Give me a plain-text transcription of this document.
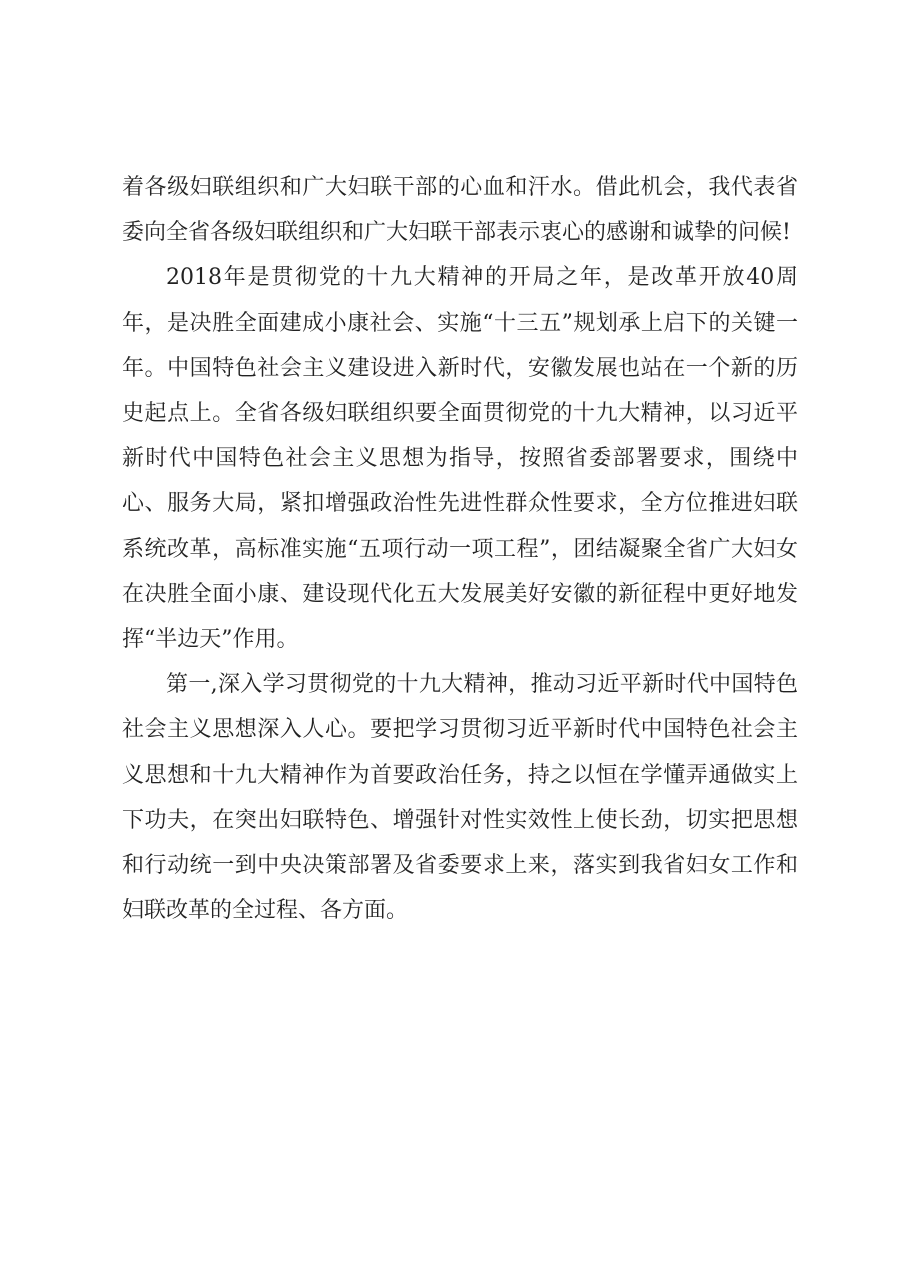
着各级妇联组织和广大妇联干部的心血和汗水。借此机会，我代表省委向全省各级妇联组织和广大妇联干部表示衷心的感谢和诚挚的问候!

2018年是贯彻党的十九大精神的开局之年，是改革开放40周年，是决胜全面建成小康社会、实施“十三五”规划承上启下的关键一年。中国特色社会主义建设进入新时代，安徽发展也站在一个新的历史起点上。全省各级妇联组织要全面贯彻党的十九大精神，以习近平新时代中国特色社会主义思想为指导，按照省委部署要求，围绕中心、服务大局，紧扣增强政治性先进性群众性要求，全方位推进妇联系统改革，高标准实施“五项行动一项工程”，团结凝聚全省广大妇女在决胜全面小康、建设现代化五大发展美好安徽的新征程中更好地发挥“半边天”作用。

第一,深入学习贯彻党的十九大精神，推动习近平新时代中国特色社会主义思想深入人心。要把学习贯彻习近平新时代中国特色社会主义思想和十九大精神作为首要政治任务，持之以恒在学懂弄通做实上下功夫，在突出妇联特色、增强针对性实效性上使长劲，切实把思想和行动统一到中央决策部署及省委要求上来，落实到我省妇女工作和妇联改革的全过程、各方面。
